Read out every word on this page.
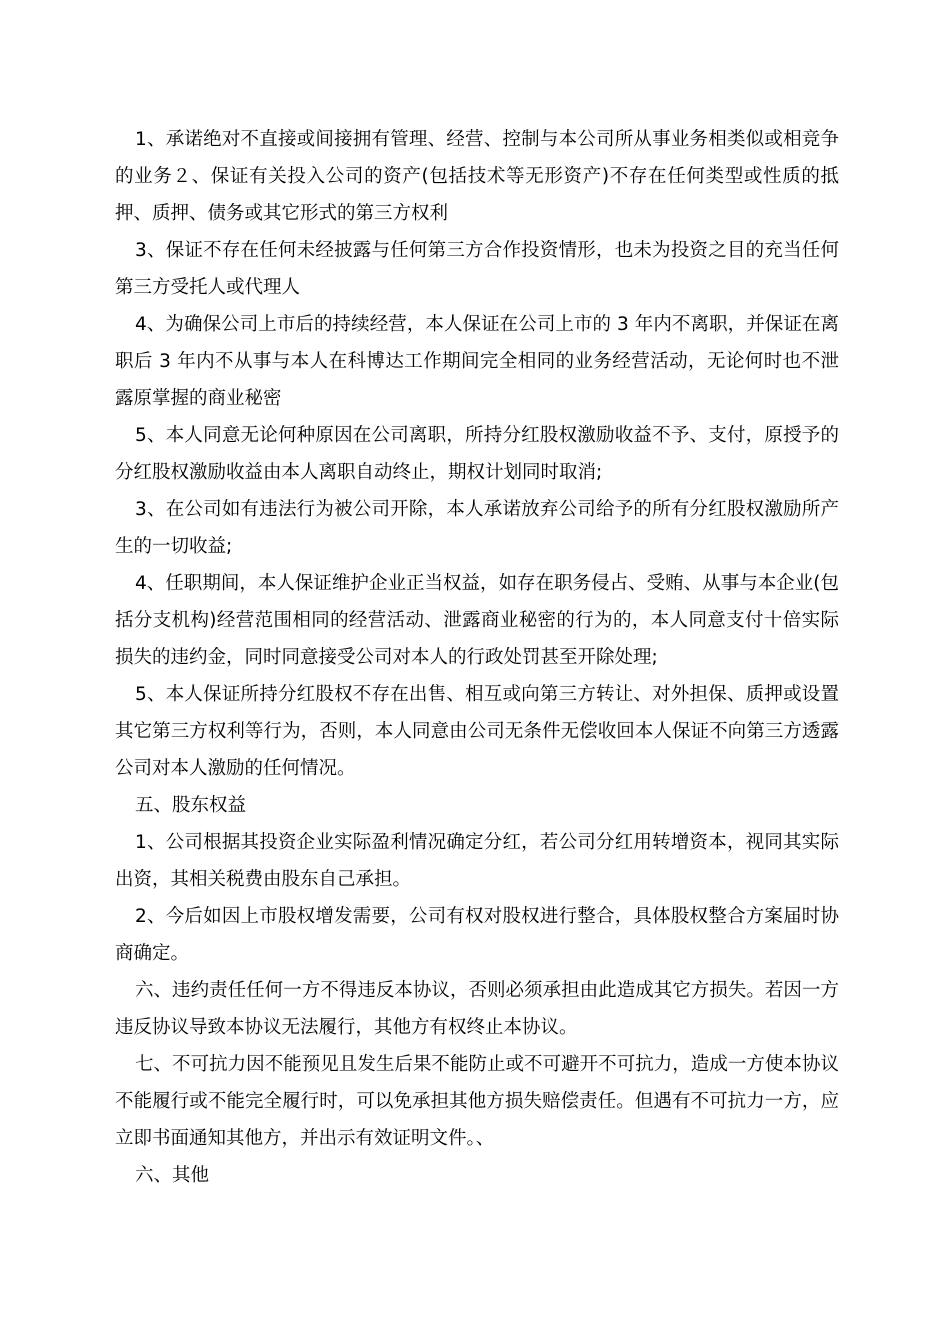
1、承诺绝对不直接或间接拥有管理、经营、控制与本公司所从事业务相类似或相竞争的业务２、保证有关投入公司的资产(包括技术等无形资产)不存在任何类型或性质的抵押、质押、债务或其它形式的第三方权利

3、保证不存在任何未经披露与任何第三方合作投资情形，也未为投资之目的充当任何第三方受托人或代理人

4、为确保公司上市后的持续经营，本人保证在公司上市的 3 年内不离职，并保证在离职后 3 年内不从事与本人在科博达工作期间完全相同的业务经营活动，无论何时也不泄露原掌握的商业秘密

5、本人同意无论何种原因在公司离职，所持分红股权激励收益不予、支付，原授予的分红股权激励收益由本人离职自动终止，期权计划同时取消;

3、在公司如有违法行为被公司开除，本人承诺放弃公司给予的所有分红股权激励所产生的一切收益;

4、任职期间，本人保证维护企业正当权益，如存在职务侵占、受贿、从事与本企业(包括分支机构)经营范围相同的经营活动、泄露商业秘密的行为的，本人同意支付十倍实际损失的违约金，同时同意接受公司对本人的行政处罚甚至开除处理;

5、本人保证所持分红股权不存在出售、相互或向第三方转让、对外担保、质押或设置其它第三方权利等行为，否则，本人同意由公司无条件无偿收回本人保证不向第三方透露公司对本人激励的任何情况。

五、股东权益

1、公司根据其投资企业实际盈利情况确定分红，若公司分红用转增资本，视同其实际出资，其相关税费由股东自己承担。

2、今后如因上市股权增发需要，公司有权对股权进行整合，具体股权整合方案届时协商确定。

六、违约责任任何一方不得违反本协议，否则必须承担由此造成其它方损失。若因一方违反协议导致本协议无法履行，其他方有权终止本协议。

七、不可抗力因不能预见且发生后果不能防止或不可避开不可抗力，造成一方使本协议不能履行或不能完全履行时，可以免承担其他方损失赔偿责任。但遇有不可抗力一方，应立即书面通知其他方，并出示有效证明文件。、

六、其他
